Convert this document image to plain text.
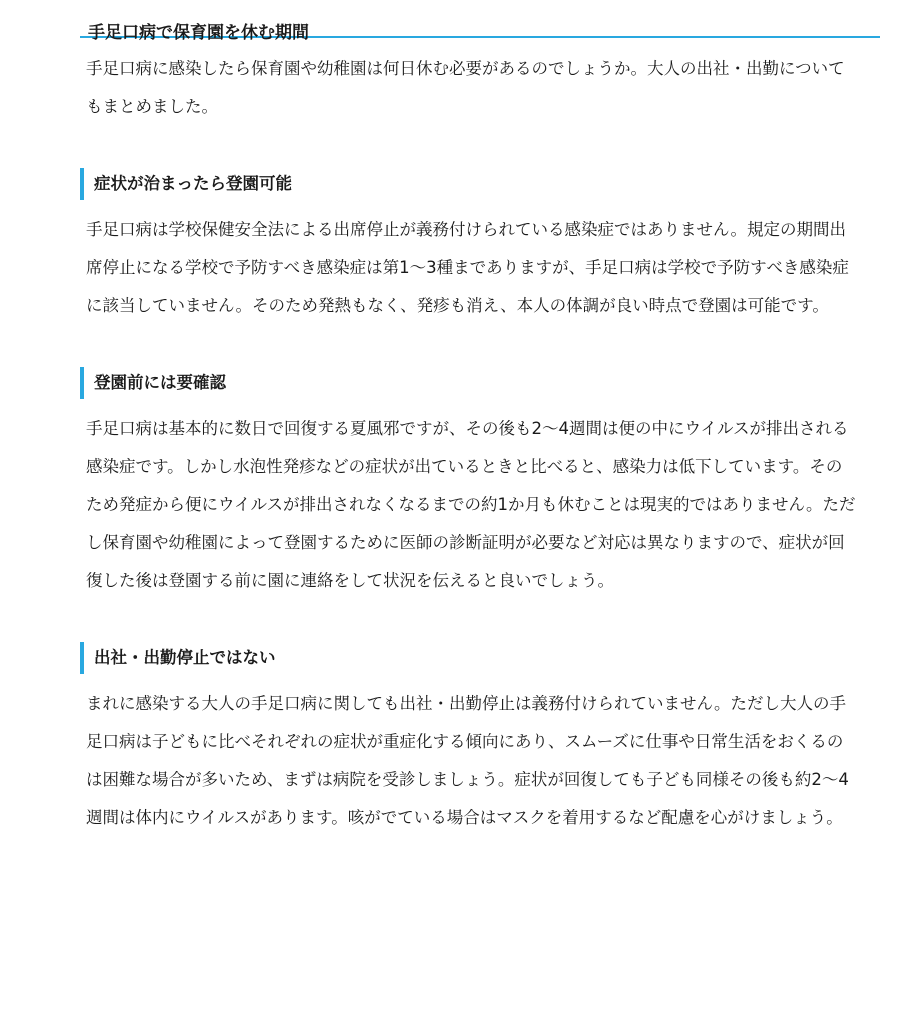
手足口病で保育園を休む期間

手足口病に感染したら保育園や幼稚園は何日休む必要があるのでしょうか。大人の出社・出勤についてもまとめました。

症状が治まったら登園可能

手足口病は学校保健安全法による出席停止が義務付けられている感染症ではありません。規定の期間出席停止になる学校で予防すべき感染症は第1〜3種までありますが、手足口病は学校で予防すべき感染症に該当していません。そのため発熱もなく、発疹も消え、本人の体調が良い時点で登園は可能です。

登園前には要確認

手足口病は基本的に数日で回復する夏風邪ですが、その後も2〜4週間は便の中にウイルスが排出される感染症です。しかし水泡性発疹などの症状が出ているときと比べると、感染力は低下しています。そのため発症から便にウイルスが排出されなくなるまでの約1か月も休むことは現実的ではありません。ただし保育園や幼稚園によって登園するために医師の診断証明が必要など対応は異なりますので、症状が回復した後は登園する前に園に連絡をして状況を伝えると良いでしょう。

出社・出勤停止ではない

まれに感染する大人の手足口病に関しても出社・出勤停止は義務付けられていません。ただし大人の手足口病は子どもに比べそれぞれの症状が重症化する傾向にあり、スムーズに仕事や日常生活をおくるのは困難な場合が多いため、まずは病院を受診しましょう。症状が回復しても子ども同様その後も約2〜4週間は体内にウイルスがあります。咳がでている場合はマスクを着用するなど配慮を心がけましょう。
